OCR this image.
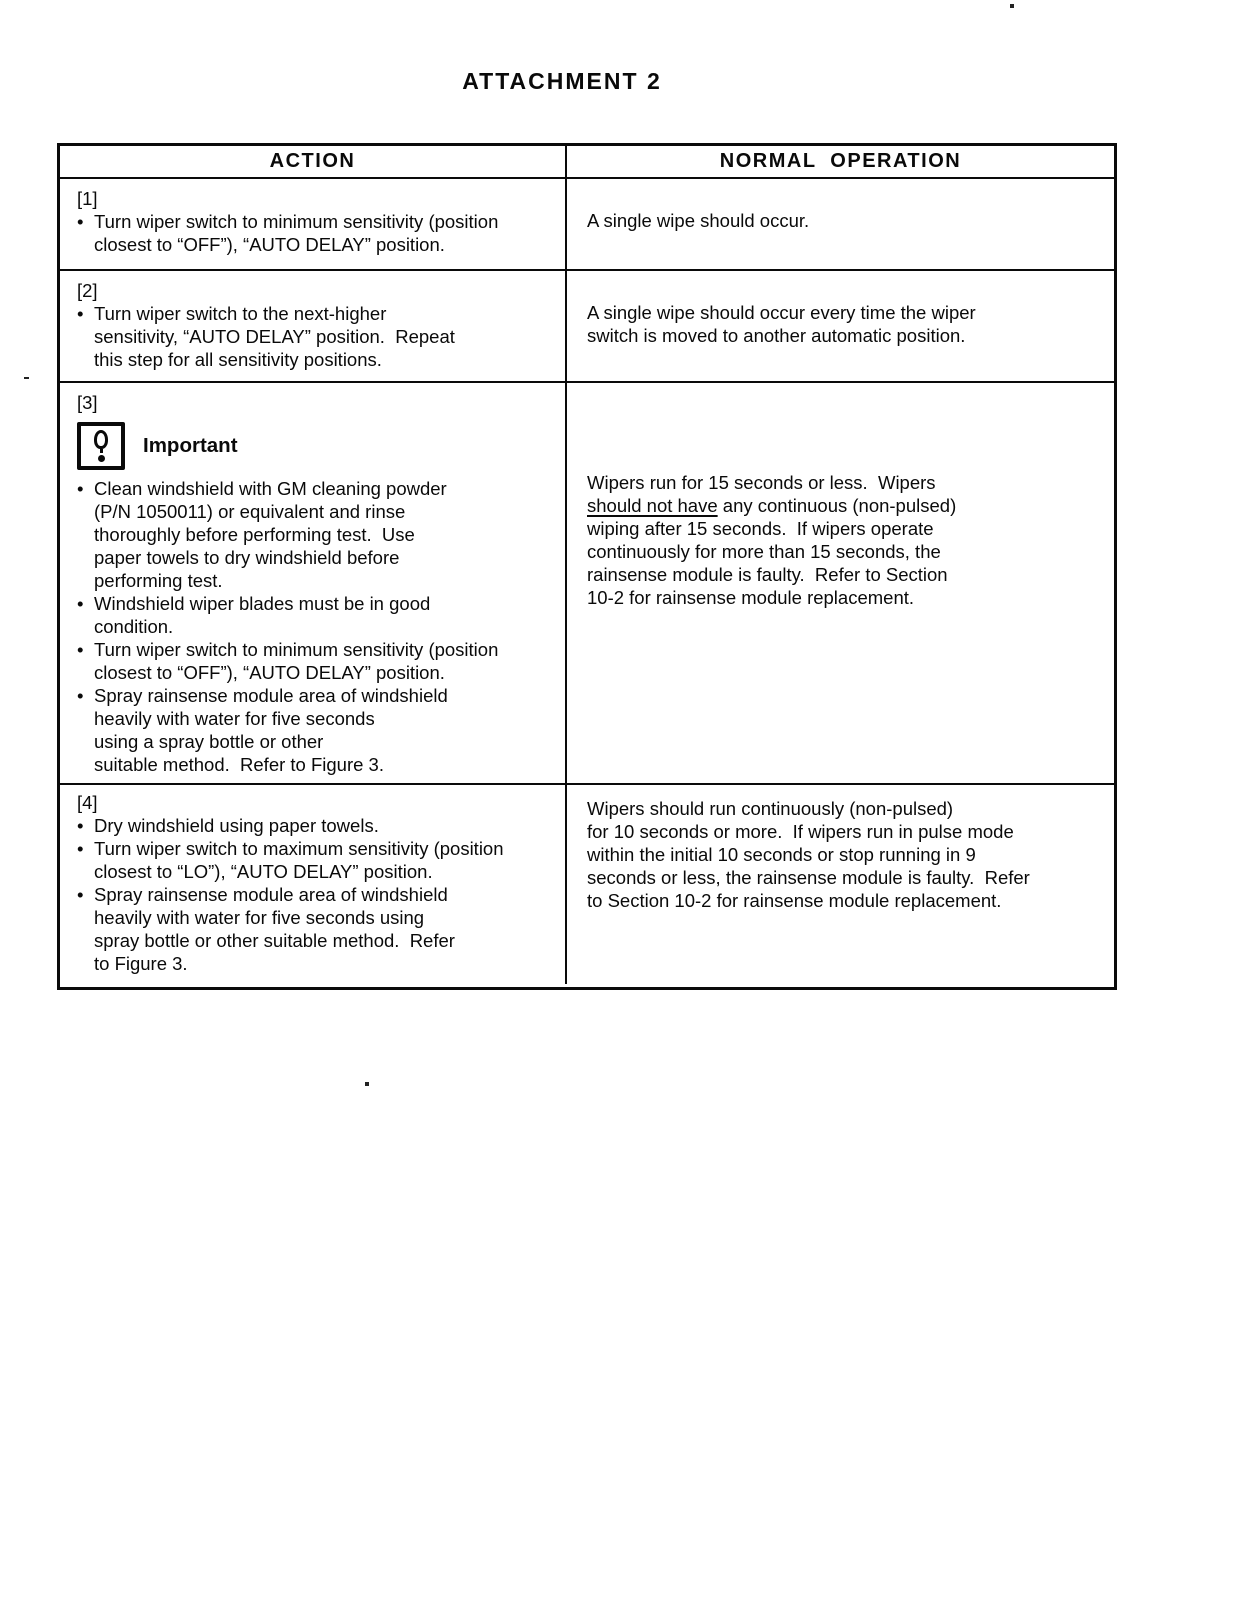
ATTACHMENT 2
ACTION	NORMAL  OPERATION
[1]
• Turn wiper switch to minimum sensitivity (position
closest to “OFF”), “AUTO DELAY” position.
A single wipe should occur.
[2]
• Turn wiper switch to the next-higher
sensitivity, “AUTO DELAY” position.  Repeat
this step for all sensitivity positions.
A single wipe should occur every time the wiper
switch is moved to another automatic position.
[3]
Important
• Clean windshield with GM cleaning powder
(P/N 1050011) or equivalent and rinse
thoroughly before performing test.  Use
paper towels to dry windshield before
performing test.
• Windshield wiper blades must be in good
condition.
• Turn wiper switch to minimum sensitivity (position
closest to “OFF”), “AUTO DELAY” position.
• Spray rainsense module area of windshield
heavily with water for five seconds
using a spray bottle or other
suitable method.  Refer to Figure 3.
Wipers run for 15 seconds or less.  Wipers
should not have any continuous (non-pulsed)
wiping after 15 seconds.  If wipers operate
continuously for more than 15 seconds, the
rainsense module is faulty.  Refer to Section
10-2 for rainsense module replacement.
[4]
• Dry windshield using paper towels.
• Turn wiper switch to maximum sensitivity (position
closest to “LO”), “AUTO DELAY” position.
• Spray rainsense module area of windshield
heavily with water for five seconds using
spray bottle or other suitable method.  Refer
to Figure 3.
Wipers should run continuously (non-pulsed)
for 10 seconds or more.  If wipers run in pulse mode
within the initial 10 seconds or stop running in 9
seconds or less, the rainsense module is faulty.  Refer
to Section 10-2 for rainsense module replacement.
